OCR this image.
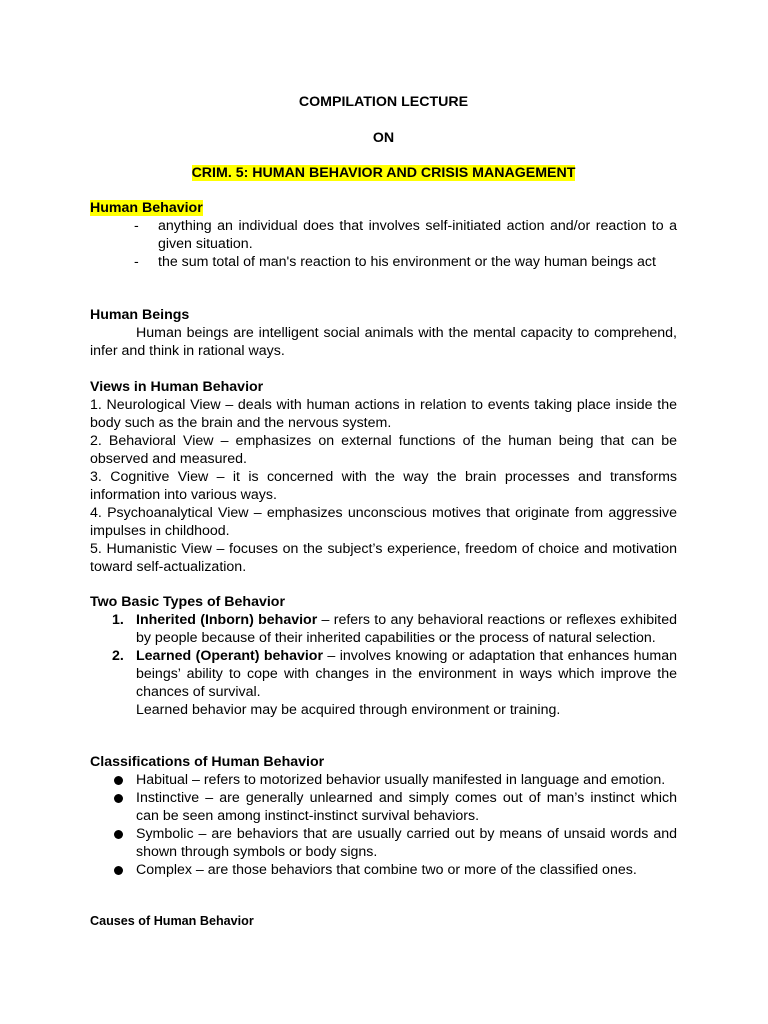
COMPILATION LECTURE
ON
CRIM. 5: HUMAN BEHAVIOR AND CRISIS MANAGEMENT
Human Behavior
- anything an individual does that involves self-initiated action and/or reaction to a given situation.
- the sum total of man's reaction to his environment or the way human beings act
Human Beings
Human beings are intelligent social animals with the mental capacity to comprehend, infer and think in rational ways.
Views in Human Behavior
1. Neurological View – deals with human actions in relation to events taking place inside the body such as the brain and the nervous system.
2. Behavioral View – emphasizes on external functions of the human being that can be observed and measured.
3. Cognitive View – it is concerned with the way the brain processes and transforms information into various ways.
4. Psychoanalytical View – emphasizes unconscious motives that originate from aggressive impulses in childhood.
5. Humanistic View – focuses on the subject’s experience, freedom of choice and motivation toward self-actualization.
Two Basic Types of Behavior
1. Inherited (Inborn) behavior – refers to any behavioral reactions or reflexes exhibited by people because of their inherited capabilities or the process of natural selection.
2. Learned (Operant) behavior – involves knowing or adaptation that enhances human beings’ ability to cope with changes in the environment in ways which improve the chances of survival.
Learned behavior may be acquired through environment or training.
Classifications of Human Behavior
Habitual – refers to motorized behavior usually manifested in language and emotion.
Instinctive – are generally unlearned and simply comes out of man’s instinct which can be seen among instinct-instinct survival behaviors.
Symbolic – are behaviors that are usually carried out by means of unsaid words and shown through symbols or body signs.
Complex – are those behaviors that combine two or more of the classified ones.
Causes of Human Behavior
